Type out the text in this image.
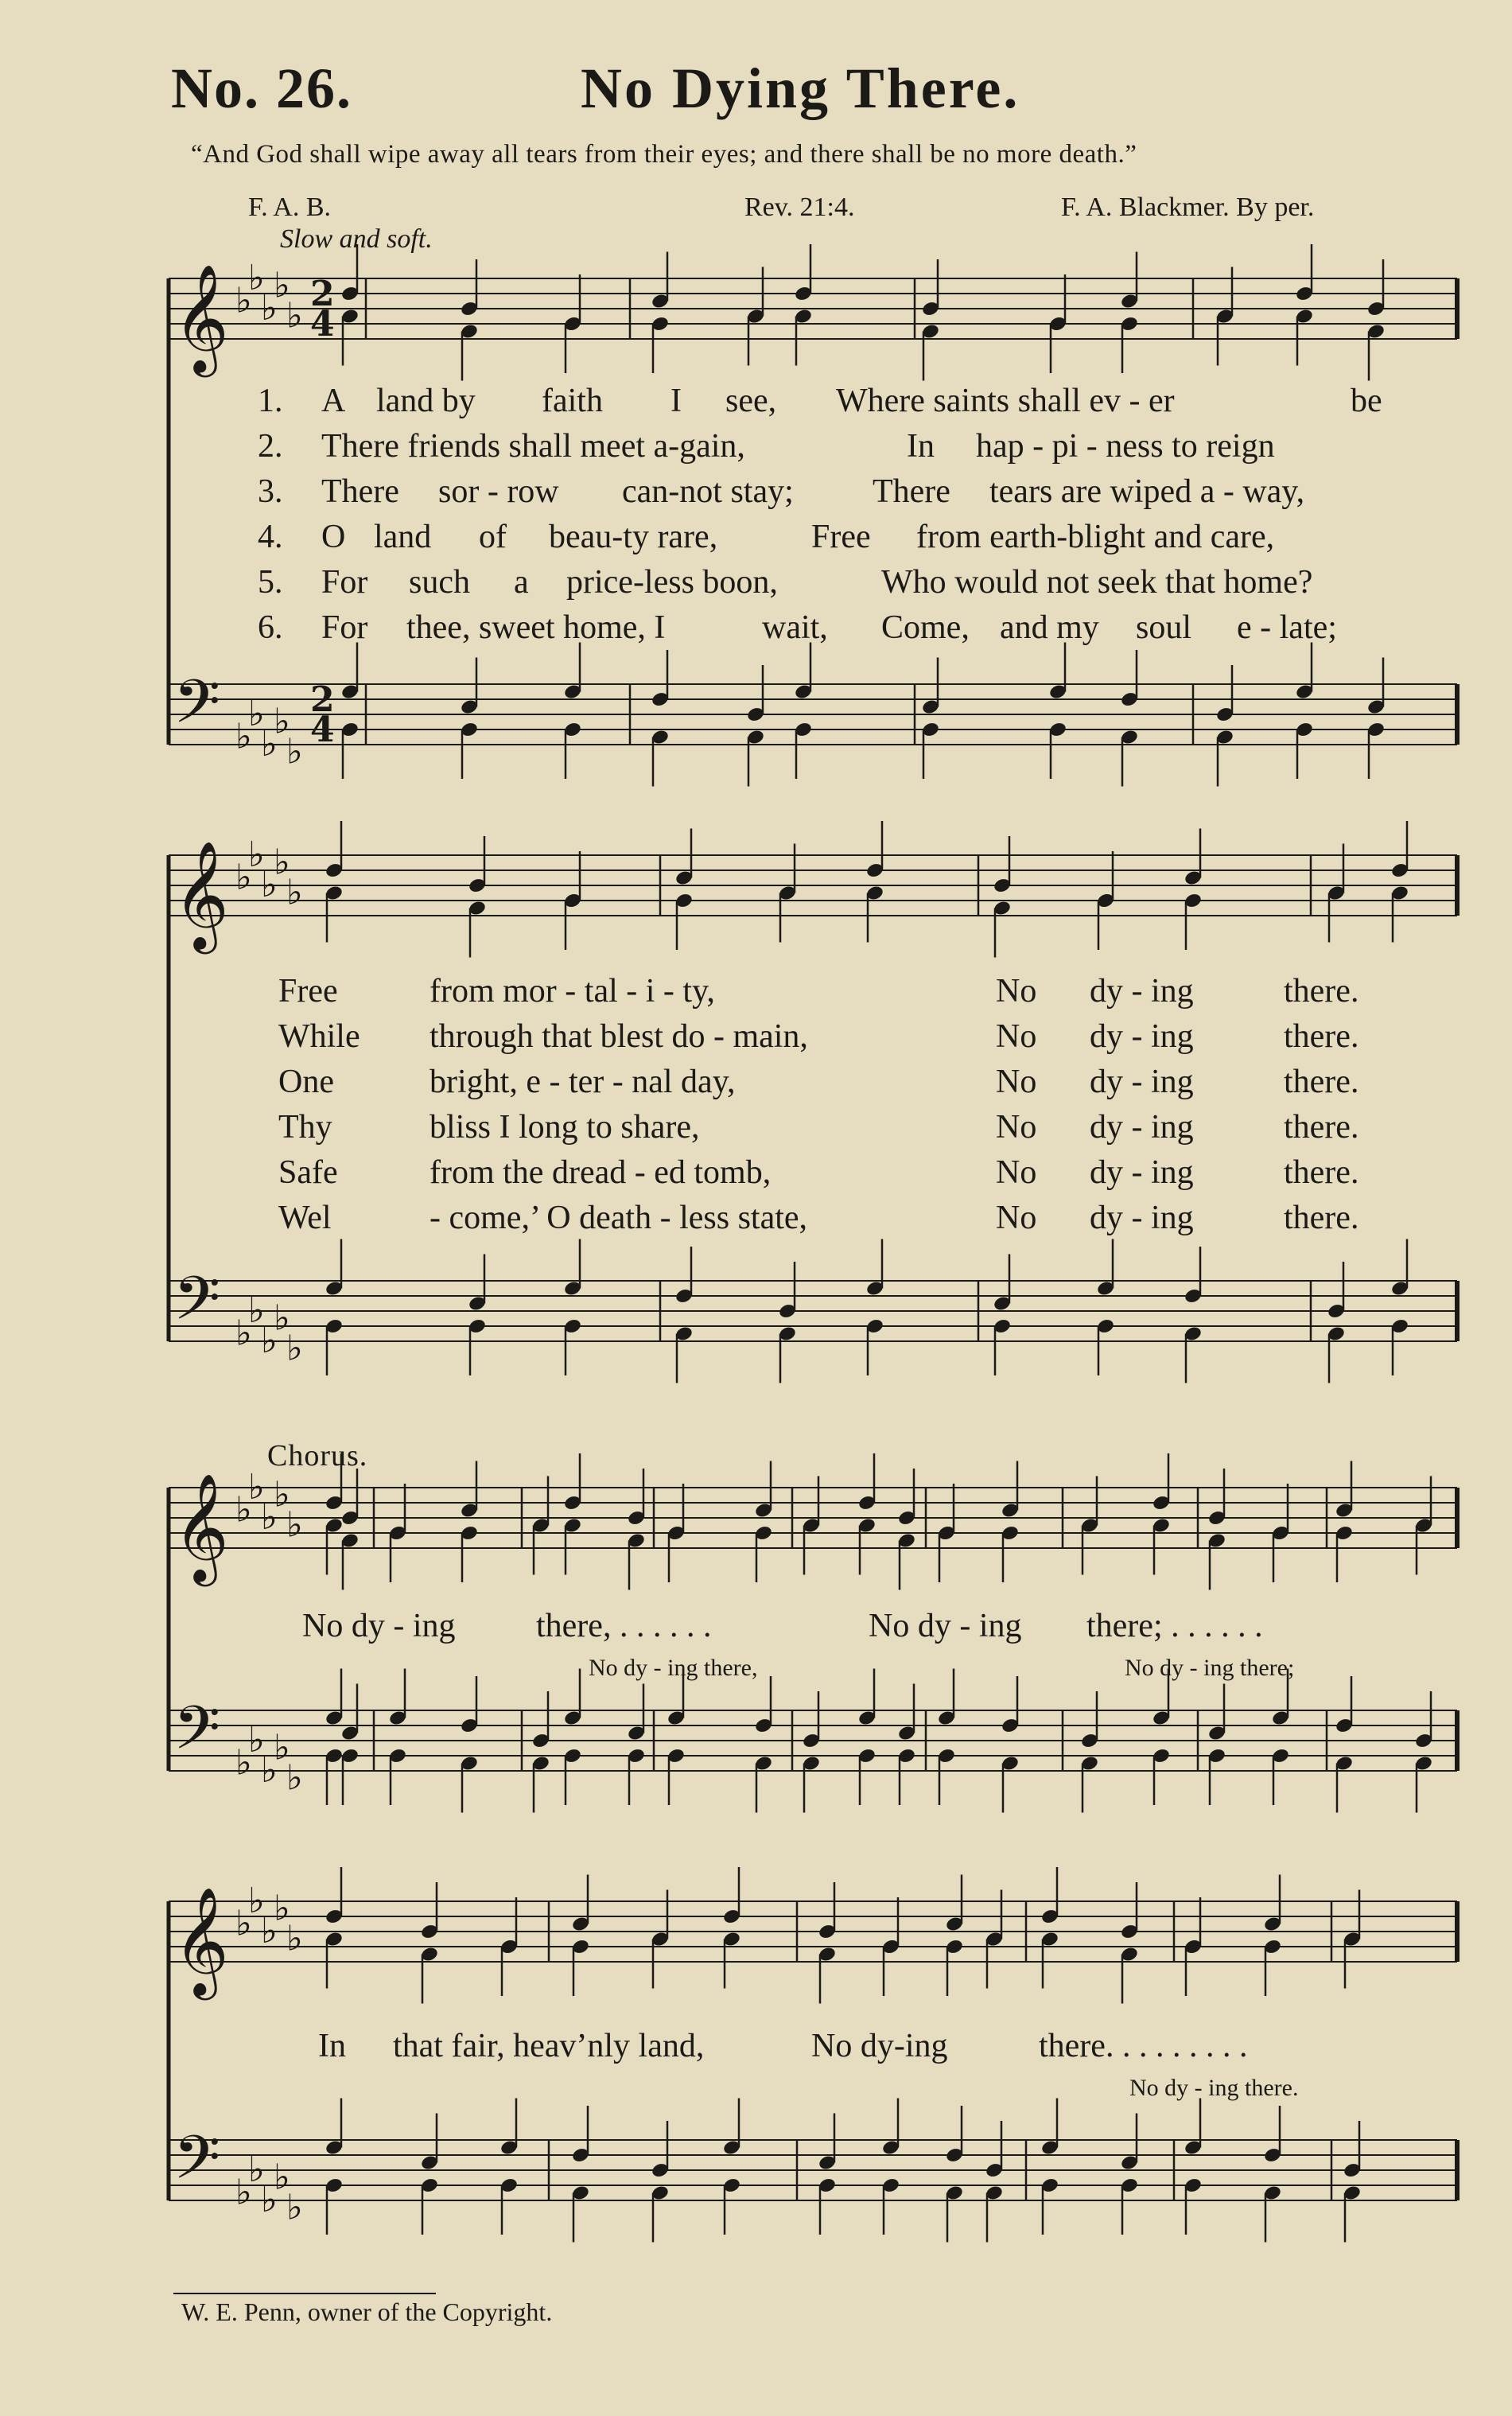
No. 26.	No Dying There.
“And God shall wipe away all tears from their eyes; and there shall be no more death.”
F. A. B.	Rev. 21:4.	F. A. Blackmer. By per.
Slow and soft.
𝄞 ♭
♭
♭
♭
♭
𝄢 ♭
♭
♭
♭
♭
𝄞 ♭
♭
♭
♭
♭
𝄢 ♭
♭
♭
♭
♭
𝄞 ♭
♭
♭
♭
♭
𝄢 ♭
♭
♭
♭
♭
𝄞 ♭
♭
♭
♭
♭
𝄢 ♭
♭
♭
♭
♭
2
4
2
4
1. A land by faith I see, Where saints shall ev - er	be
2. There friends shall meet a-gain,	In hap - pi - ness to reign
3. There sor - row can-not stay; There tears are wiped a - way,
4. O land of beau-ty rare,	Free from earth-blight and care,
5. For such a price-less boon,	Who would not seek that home?
6. For thee, sweet home, I	wait, Come, and my soul e - late;
Free	from mor - tal - i - ty,	No dy - ing	there.
While through that blest do - main,	No dy - ing	there.
One	bright, e - ter - nal day,	No dy - ing	there.
Thy	bliss I long to share,	No dy - ing	there.
Safe	from the dread - ed tomb,	No dy - ing	there.
Wel	- come,’ O death - less state,	No dy - ing	there.
Chorus.
No dy - ing there, . . . . . .	No dy - ing there; . . . . . .
No dy - ing there,	No dy - ing there;
In that fair, heav’nly land,	No dy-ing	there. . . . . . . . .
No dy - ing there.
W. E. Penn, owner of the Copyright.
